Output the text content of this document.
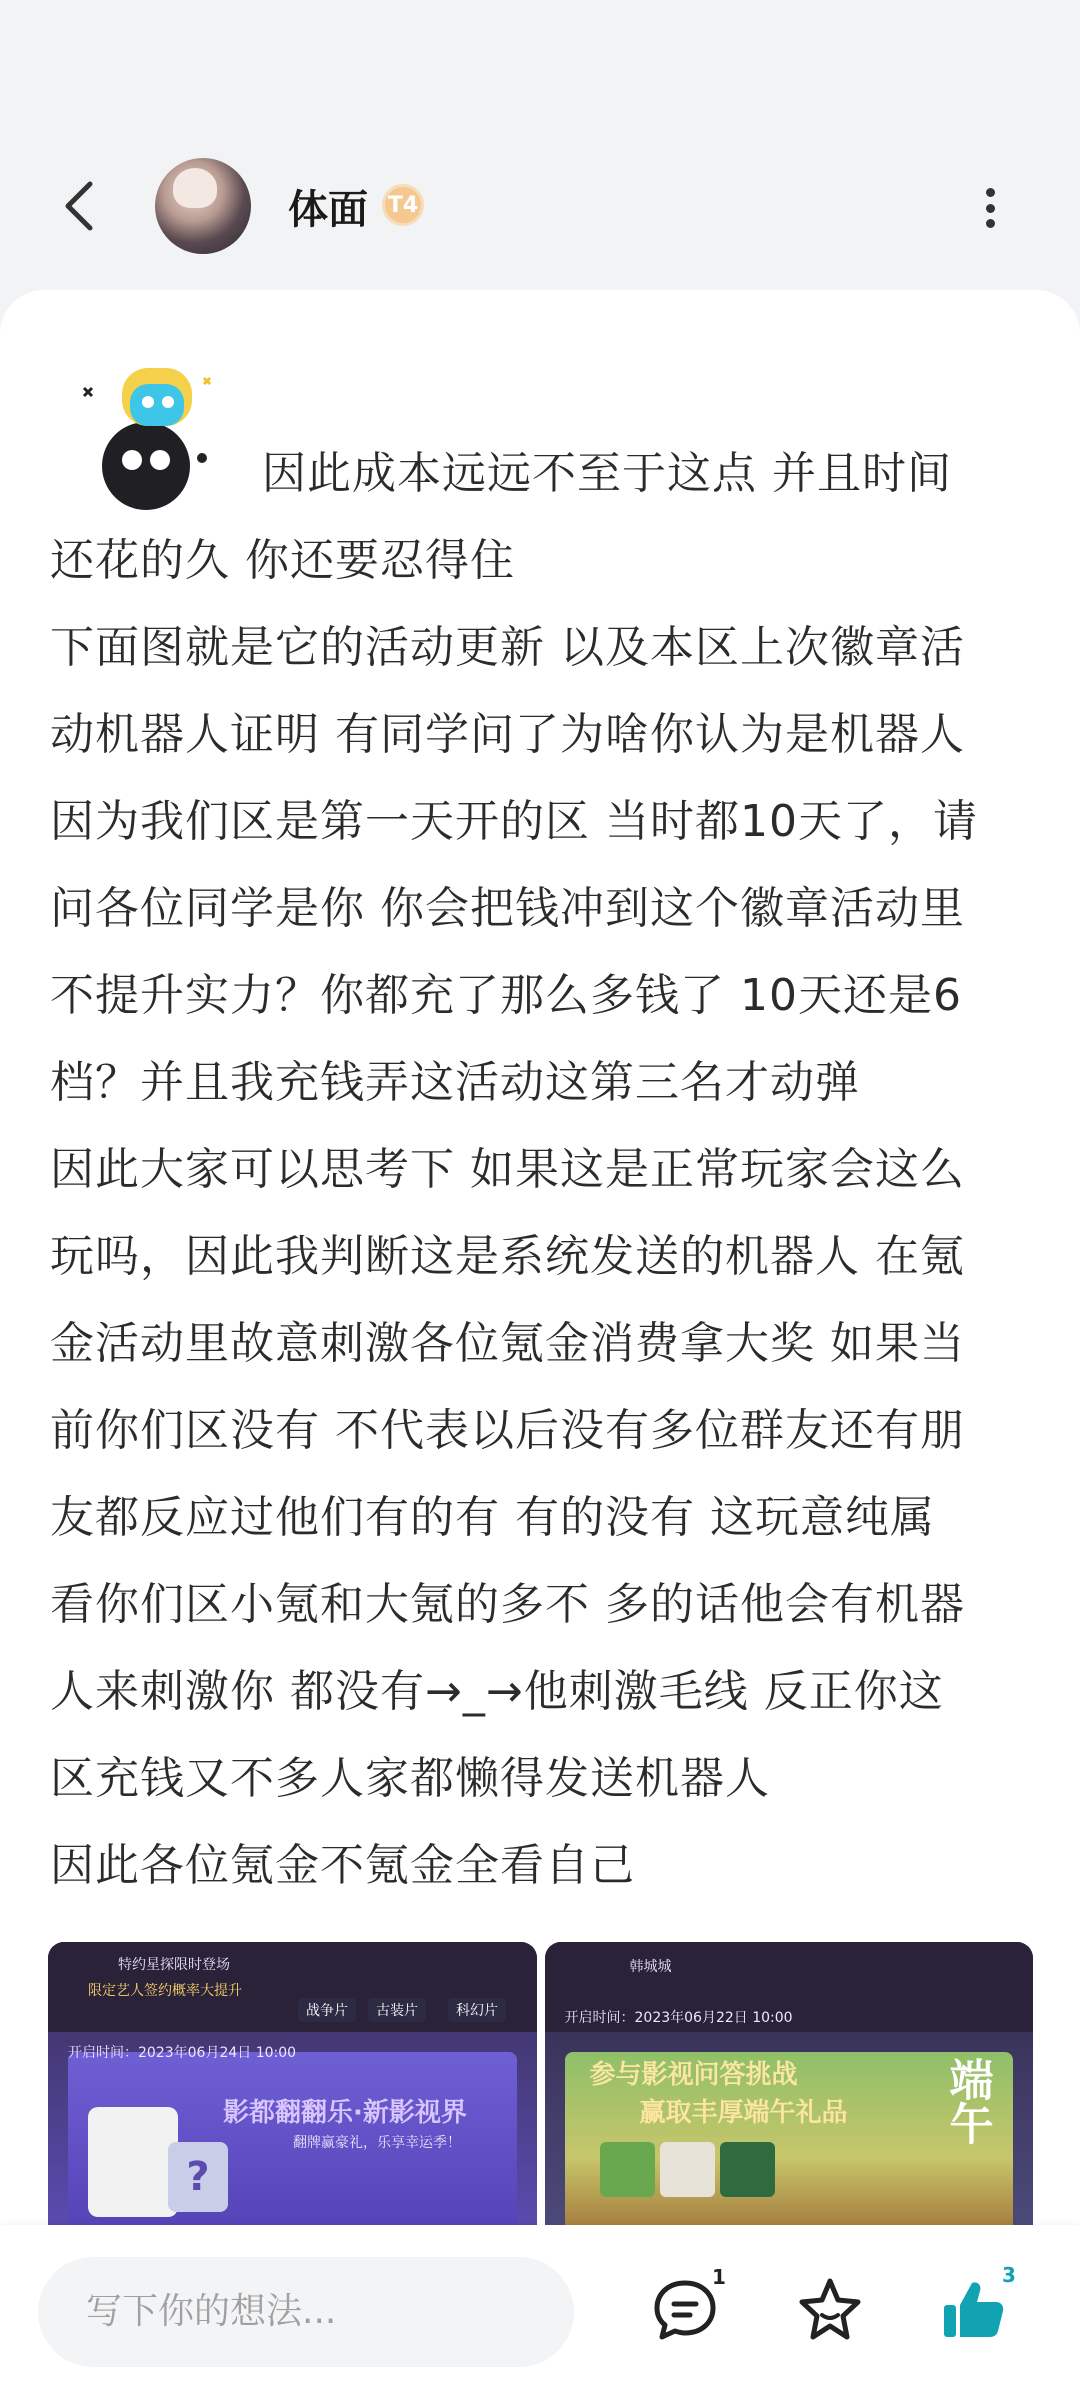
体面 T4

因此成本远远不至于这点 并且时间

还花的久 你还要忍得住

下面图就是它的活动更新 以及本区上次徽章活

动机器人证明 有同学问了为啥你认为是机器人

因为我们区是第一天开的区 当时都10天了，请

问各位同学是你 你会把钱冲到这个徽章活动里

不提升实力？你都充了那么多钱了 10天还是6

档？并且我充钱弄这活动这第三名才动弹

因此大家可以思考下 如果这是正常玩家会这么

玩吗，因此我判断这是系统发送的机器人 在氪

金活动里故意刺激各位氪金消费拿大奖 如果当

前你们区没有 不代表以后没有多位群友还有朋

友都反应过他们有的有 有的没有 这玩意纯属

看你们区小氪和大氪的多不 多的话他会有机器

人来刺激你 都没有→_→他刺激毛线 反正你这

区充钱又不多人家都懒得发送机器人

因此各位氪金不氪金全看自己

特约星探限时登场
限定艺人签约概率大提升
战争片	古装片	科幻片
开启时间：2023年06月24日 10:00
影都翻翻乐·新影视界
翻牌赢豪礼，乐享幸运季！
?
韩城城
开启时间：2023年06月22日 10:00
参与影视问答挑战
赢取丰厚端午礼品 端午
写下你的想法...
1	3
